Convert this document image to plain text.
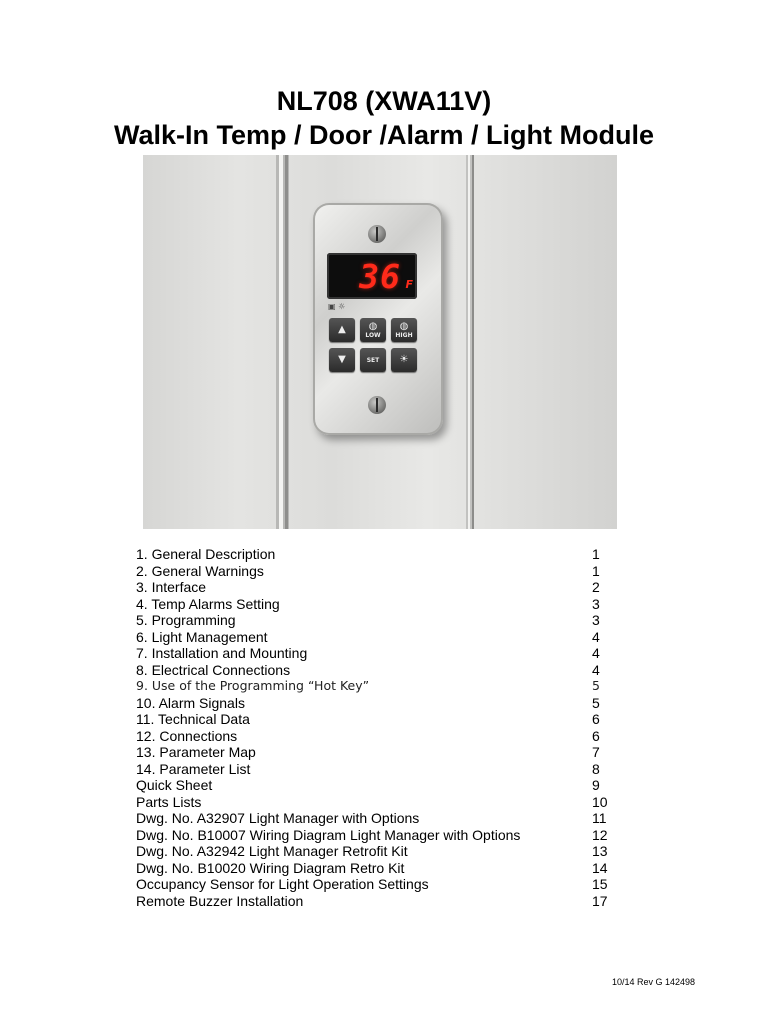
NL708 (XWA11V)
Walk-In Temp / Door /Alarm / Light Module
36 F
▣ ☼
▲ ◍
LOW
◍
HIGH
▼	SET ☀
1. General Description	1
2. General Warnings	1
3. Interface	2
4. Temp Alarms Setting	3
5. Programming	3
6. Light Management	4
7. Installation and Mounting	4
8. Electrical Connections	4
9. Use of the Programming “Hot Key”	5
10. Alarm Signals	5
11. Technical Data	6
12. Connections	6
13. Parameter Map	7
14. Parameter List	8
Quick Sheet	9
Parts Lists	10
Dwg. No. A32907 Light Manager with Options	11
Dwg. No. B10007 Wiring Diagram Light Manager with Options	12
Dwg. No. A32942 Light Manager Retrofit Kit	13
Dwg. No. B10020 Wiring Diagram Retro Kit	14
Occupancy Sensor for Light Operation Settings	15
Remote Buzzer Installation	17
10/14 Rev G 142498
